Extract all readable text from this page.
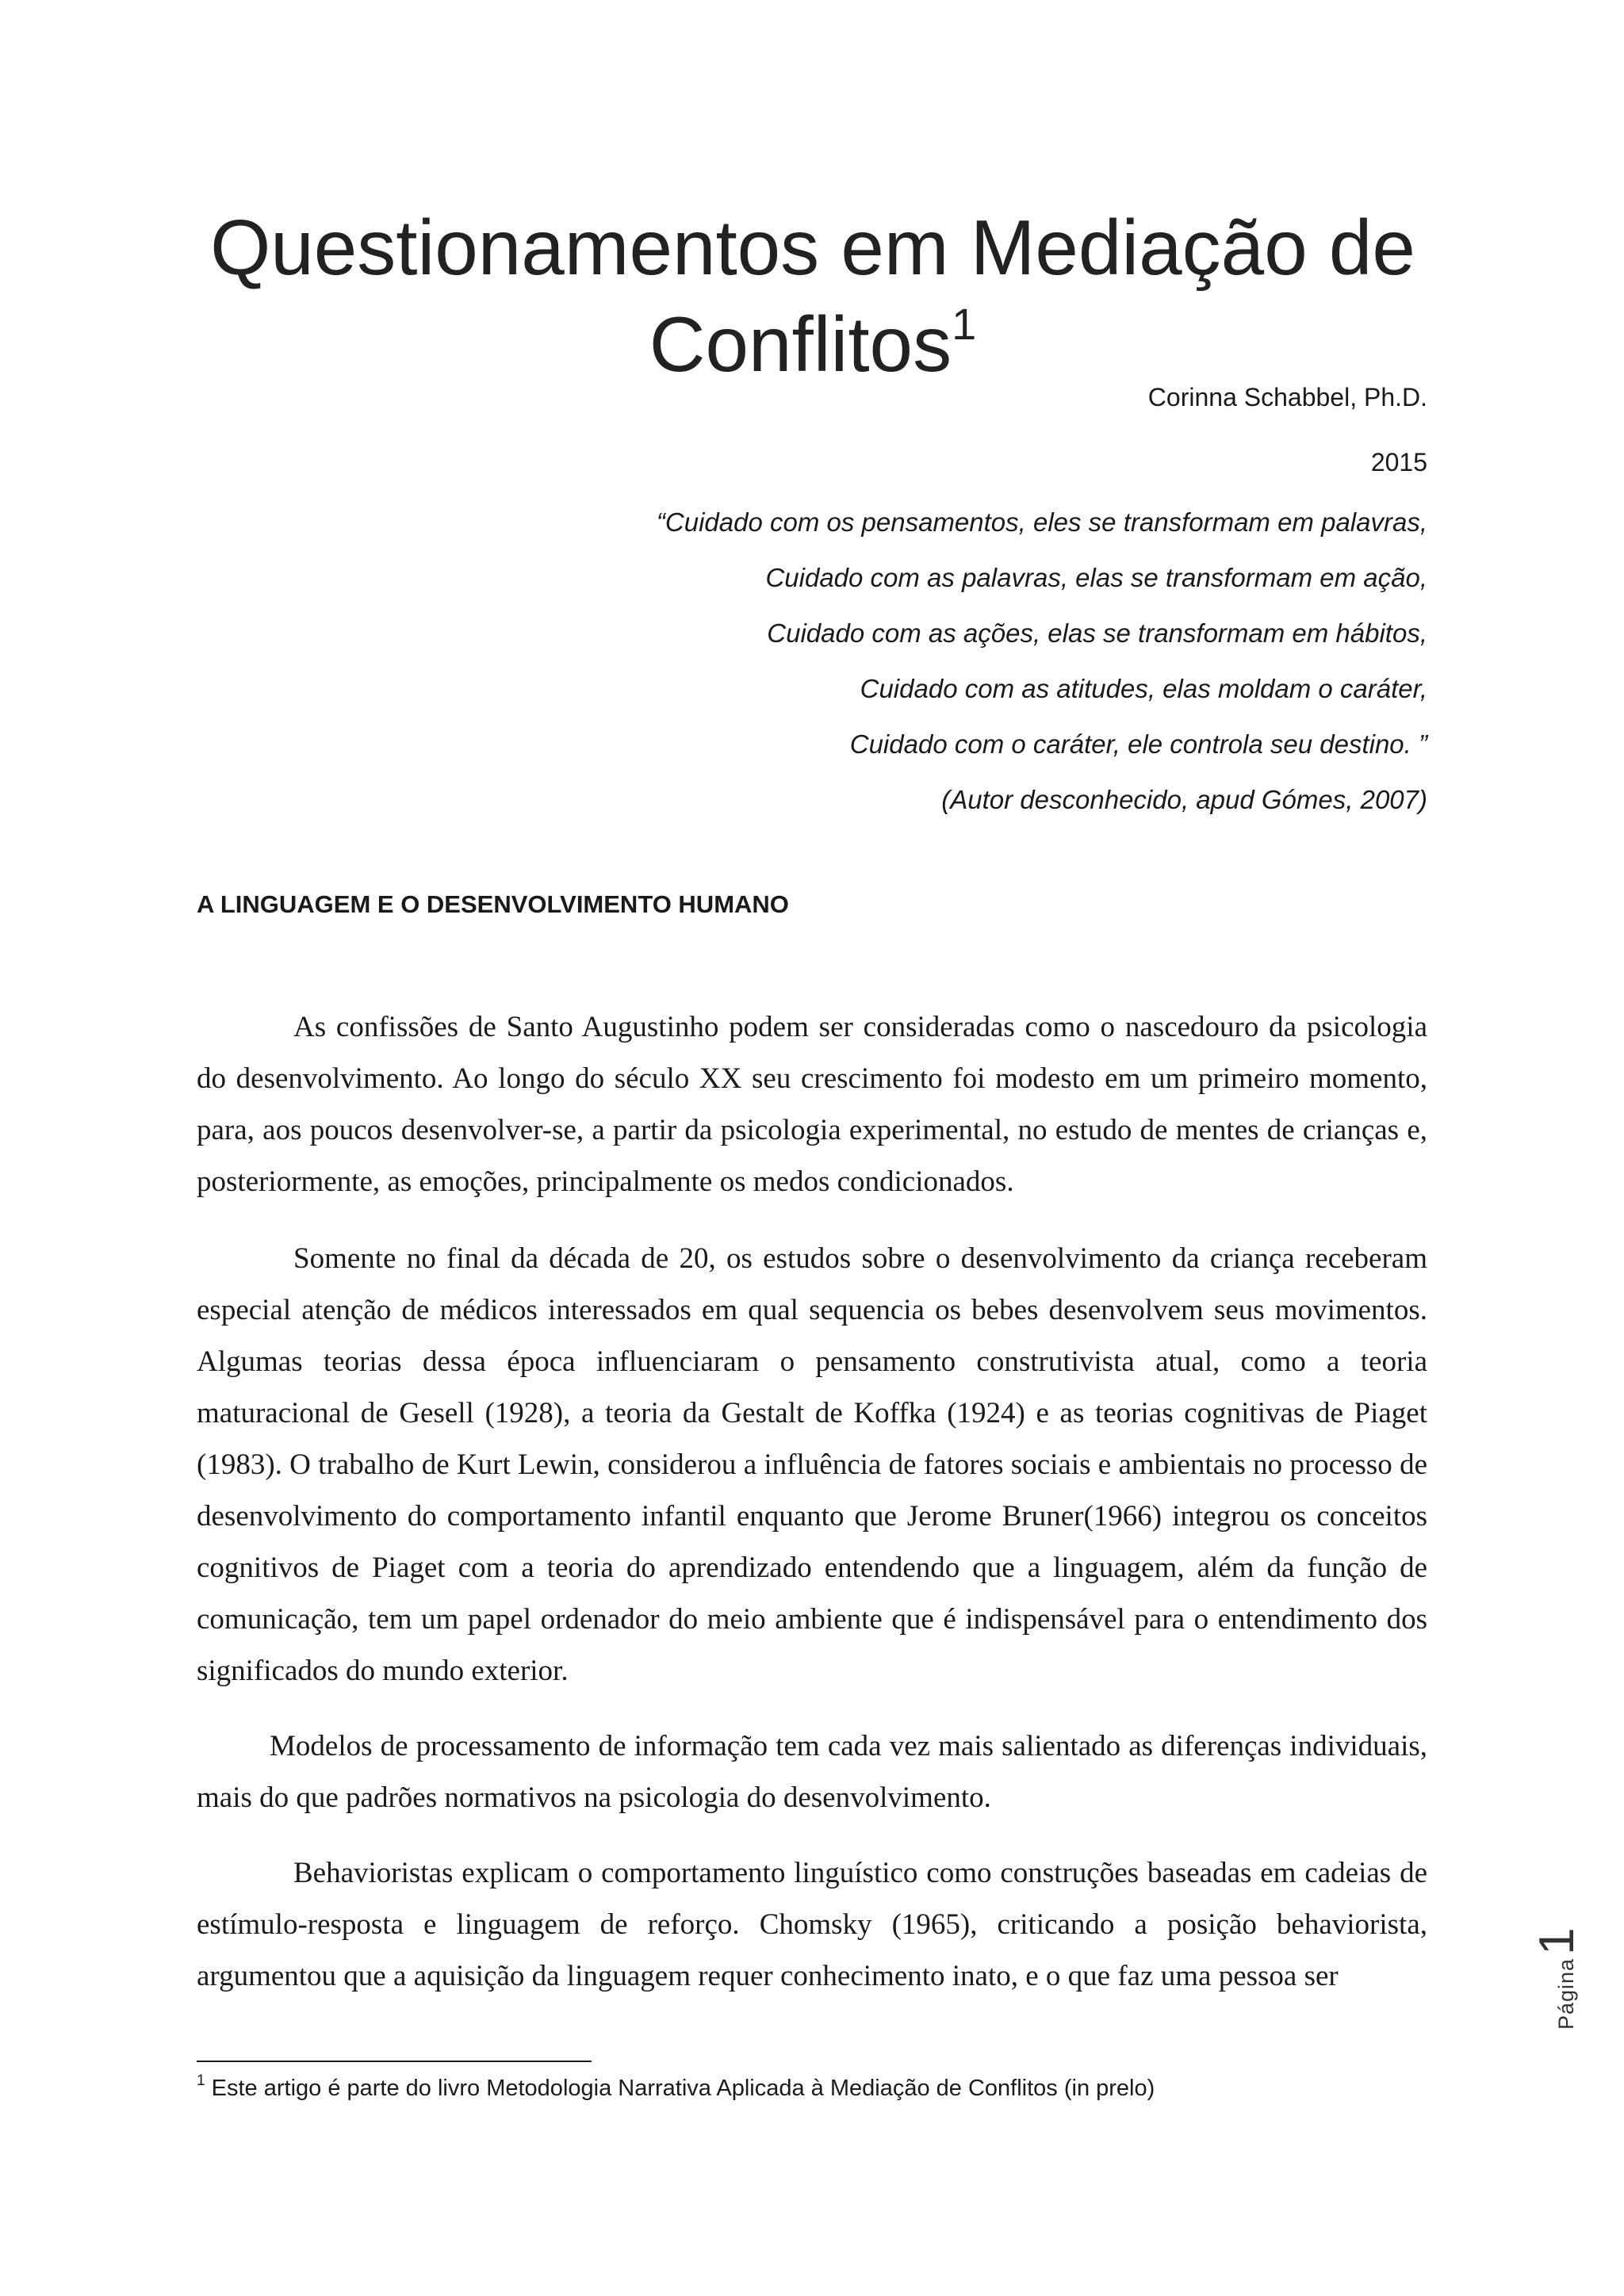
Questionamentos em Mediação de
Conflitos$^1$
Corinna Schabbel, Ph.D.
2015
“Cuidado com os pensamentos, eles se transformam em palavras,
Cuidado com as palavras, elas se transformam em ação,
Cuidado com as ações, elas se transformam em hábitos,
Cuidado com as atitudes, elas moldam o caráter,
Cuidado com o caráter, ele controla seu destino. ”
(Autor desconhecido, apud Gómes, 2007)
A LINGUAGEM E O DESENVOLVIMENTO HUMANO

As confissões de Santo Augustinho podem ser consideradas como o nascedouro da psicologia do desenvolvimento. Ao longo do século XX seu crescimento foi modesto em um primeiro momento, para, aos poucos desenvolver-se, a partir da psicologia experimental, no estudo de mentes de crianças e, posteriormente, as emoções, principalmente os medos condicionados.

Somente no final da década de 20, os estudos sobre o desenvolvimento da criança receberam especial atenção de médicos interessados em qual sequencia os bebes desenvolvem seus movimentos. Algumas teorias dessa época influenciaram o pensamento construtivista atual, como a teoria maturacional de Gesell (1928), a teoria da Gestalt de Koffka (1924) e as teorias cognitivas de Piaget (1983). O trabalho de Kurt Lewin, considerou a influência de fatores sociais e ambientais no processo de desenvolvimento do comportamento infantil enquanto que Jerome Bruner(1966) integrou os conceitos cognitivos de Piaget com a teoria do aprendizado entendendo que a linguagem, além da função de comunicação, tem um papel ordenador do meio ambiente que é indispensável para o entendimento dos significados do mundo exterior.

Modelos de processamento de informação tem cada vez mais salientado as diferenças individuais, mais do que padrões normativos na psicologia do desenvolvimento.

Behavioristas explicam o comportamento linguístico como construções baseadas em cadeias de estímulo-resposta e linguagem de reforço. Chomsky (1965), criticando a posição behaviorista, argumentou que a aquisição da linguagem requer conhecimento inato, e o que faz uma pessoa ser

$^1$ Este artigo é parte do livro Metodologia Narrativa Aplicada à Mediação de Conflitos (in prelo)
Página1
